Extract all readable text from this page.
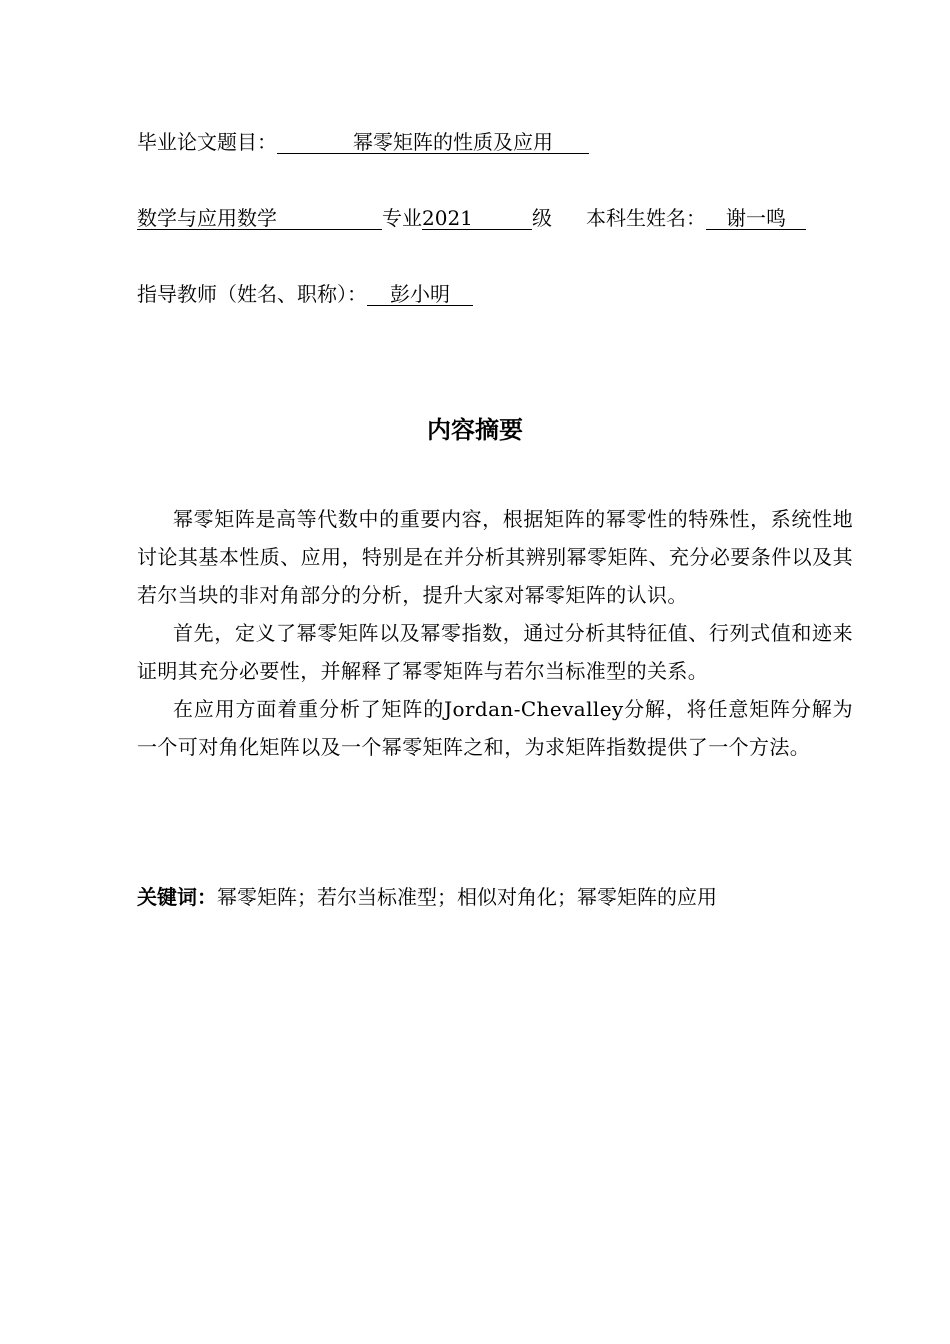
毕业论文题目：	幂零矩阵的性质及应用
数学与应用数学	专业2021	级 本科生姓名： 谢一鸣
指导教师（姓名、职称）： 彭小明
内容摘要

幂零矩阵是高等代数中的重要内容，根据矩阵的幂零性的特殊性，系统性地讨论其基本性质、应用，特别是在并分析其辨别幂零矩阵、充分必要条件以及其若尔当块的非对角部分的分析，提升大家对幂零矩阵的认识。

首先，定义了幂零矩阵以及幂零指数，通过分析其特征值、行列式值和迹来证明其充分必要性，并解释了幂零矩阵与若尔当标准型的关系。

在应用方面着重分析了矩阵的Jordan-Chevalley分解，将任意矩阵分解为一个可对角化矩阵以及一个幂零矩阵之和，为求矩阵指数提供了一个方法。

关键词：幂零矩阵；若尔当标准型；相似对角化；幂零矩阵的应用
